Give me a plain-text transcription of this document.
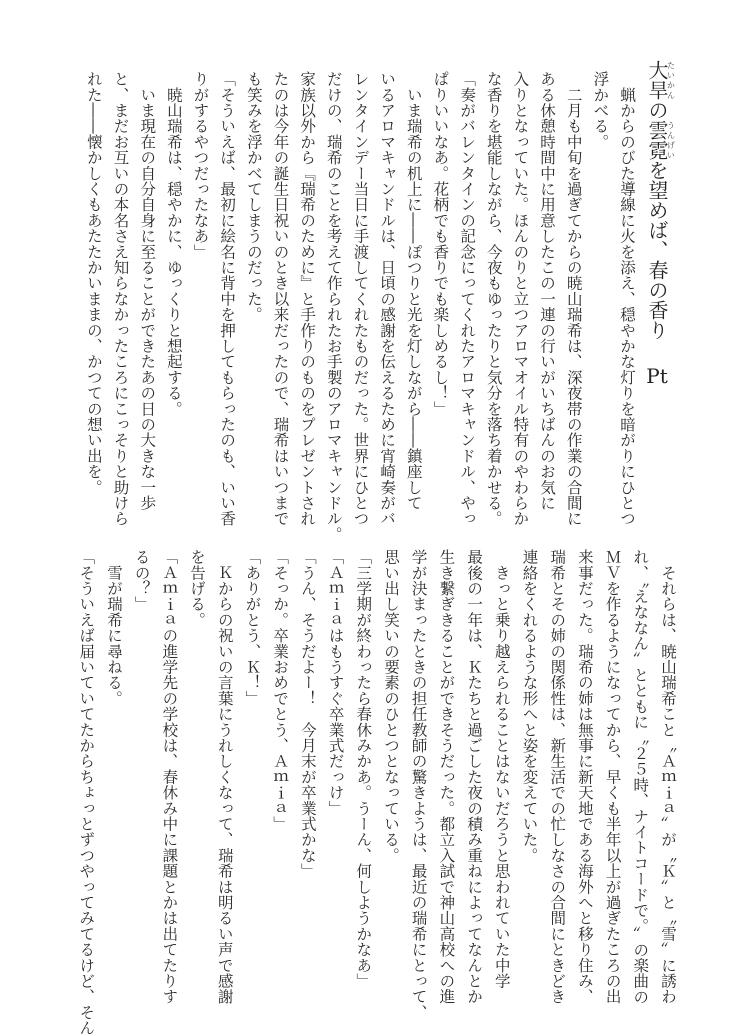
大旱たいかんの雲霓うんげいを望めば、春の香りPt
　蝋からのびた導線に火を添え、穏やかな灯りを暗がりにひとつ
浮かべる。
　二月も中旬を過ぎてからの暁山瑞希は、深夜帯の作業の合間に
ある休憩時間中に用意したこの一連の行いがいちばんのお気に
入りとなっていた。ほんのりと立つアロマオイル特有のやわらか
な香りを堪能しながら、今夜もゆったりと気分を落ち着かせる。
「奏がバレンタインの記念にってくれたアロマキャンドル、やっ
ぱりいいなあ。花柄でも香りでも楽しめるし！」
　いま瑞希の机上に――ぽつりと光を灯しながら――鎮座して
いるアロマキャンドルは、日頃の感謝を伝えるために宵崎奏がバ
レンタインデー当日に手渡してくれたものだった。世界にひとつ
だけの、瑞希のことを考えて作られたお手製のアロマキャンドル。
家族以外から『瑞希のために』と手作りのものをプレゼントされ
たのは今年の誕生日祝いのとき以来だったので、瑞希はいつまで
も笑みを浮かべてしまうのだった。
「そういえば、最初に絵名に背中を押してもらったのも、いい香
りがするやつだったなあ」
　暁山瑞希は、穏やかに、ゆっくりと想起する。
　いま現在の自分自身に至ることができたあの日の大きな一歩
と、まだお互いの本名さえ知らなかったころにこっそりと助けら
れた――懐かしくもあたたかいままの、かつての想い出を。
　それらは、暁山瑞希こと〝Ａｍｉａ〟が〝Ｋ〟と〝雪〟に誘わ
れ、〝えななん〟とともに〝２５時、ナイトコードで。〟の楽曲の
ＭＶを作るようになってから、早くも半年以上が過ぎたころの出
来事だった。瑞希の姉は無事に新天地である海外へと移り住み、
瑞希とその姉の関係性は、新生活での忙しなさの合間にときどき
連絡をくれるような形へと姿を変えていた。
　きっと乗り越えられることはないだろうと思われていた中学
最後の一年は、Ｋたちと過ごした夜の積み重ねによってなんとか
生き繋ぎきることができそうだった。都立入試で神山高校への進
学が決まったときの担任教師の驚きようは、最近の瑞希にとって、
思い出し笑いの要素のひとつとなっている。
「三学期が終わったら春休みかあ。うーん、何しようかなあ」
「Ａｍｉａはもうすぐ卒業式だっけ」
「うん、そうだよー！　今月末が卒業式かな」
「そっか。卒業おめでとう、Ａｍｉａ」
「ありがとう、Ｋ！」
　Ｋからの祝いの言葉にうれしくなって、瑞希は明るい声で感謝
を告げる。
「Ａｍｉａの進学先の学校は、春休み中に課題とかは出てたりす
るの？」
　雪が瑞希に尋ねる。
「そういえば届いていてたからちょっとずつやってみてるけど、そん
